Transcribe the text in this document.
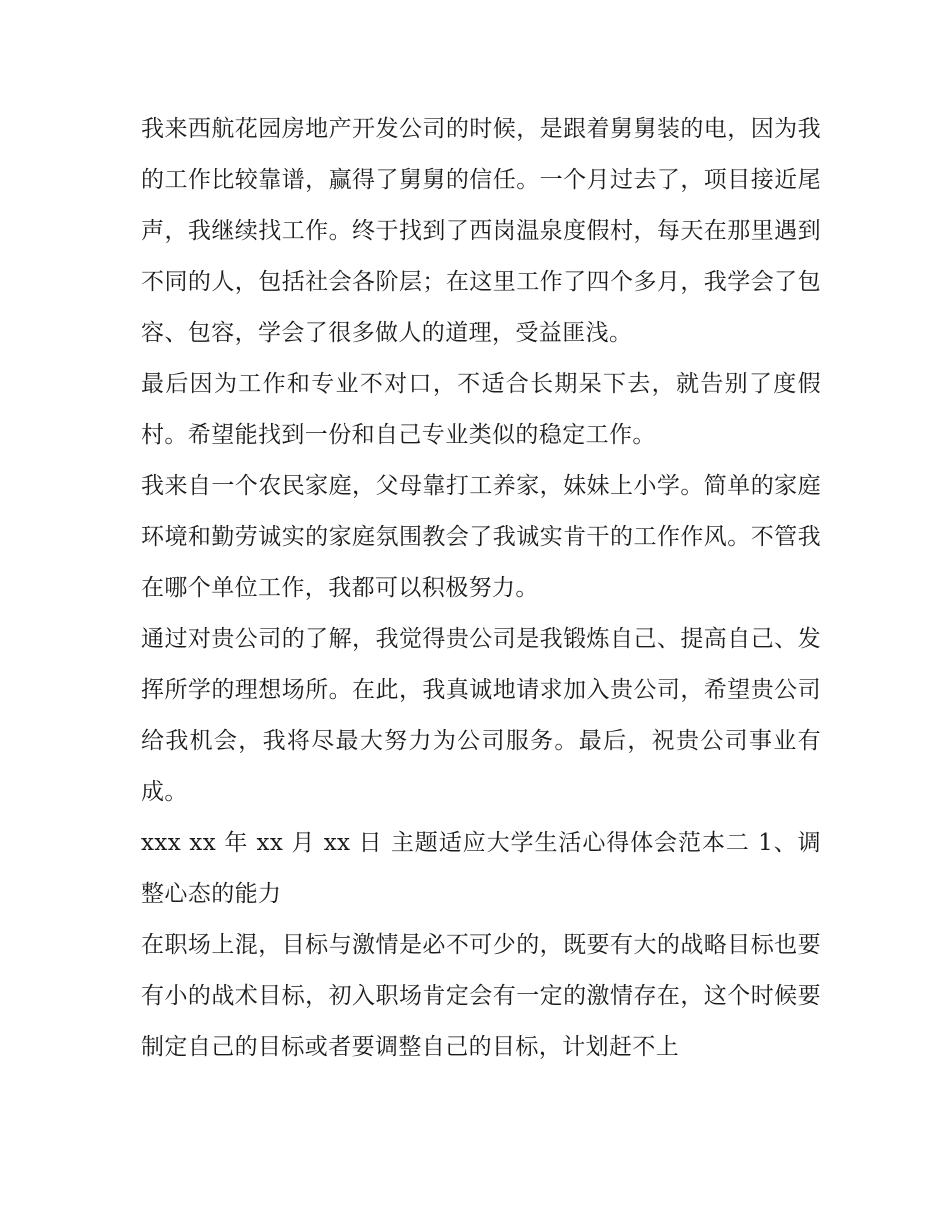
我来西航花园房地产开发公司的时候，是跟着舅舅装的电，因为我的工作比较靠谱，赢得了舅舅的信任。一个月过去了，项目接近尾声，我继续找工作。终于找到了西岗温泉度假村，每天在那里遇到不同的人，包括社会各阶层；在这里工作了四个多月，我学会了包容、包容，学会了很多做人的道理，受益匪浅。

最后因为工作和专业不对口，不适合长期呆下去，就告别了度假村。希望能找到一份和自己专业类似的稳定工作。

我来自一个农民家庭，父母靠打工养家，妹妹上小学。简单的家庭环境和勤劳诚实的家庭氛围教会了我诚实肯干的工作作风。不管我在哪个单位工作，我都可以积极努力。

通过对贵公司的了解，我觉得贵公司是我锻炼自己、提高自己、发挥所学的理想场所。在此，我真诚地请求加入贵公司，希望贵公司给我机会，我将尽最大努力为公司服务。最后，祝贵公司事业有成。

xxx xx 年 xx 月 xx 日 主题适应大学生活心得体会范本二 1、调整心态的能力

在职场上混，目标与激情是必不可少的，既要有大的战略目标也要有小的战术目标，初入职场肯定会有一定的激情存在，这个时候要制定自己的目标或者要调整自己的目标，计划赶不上
